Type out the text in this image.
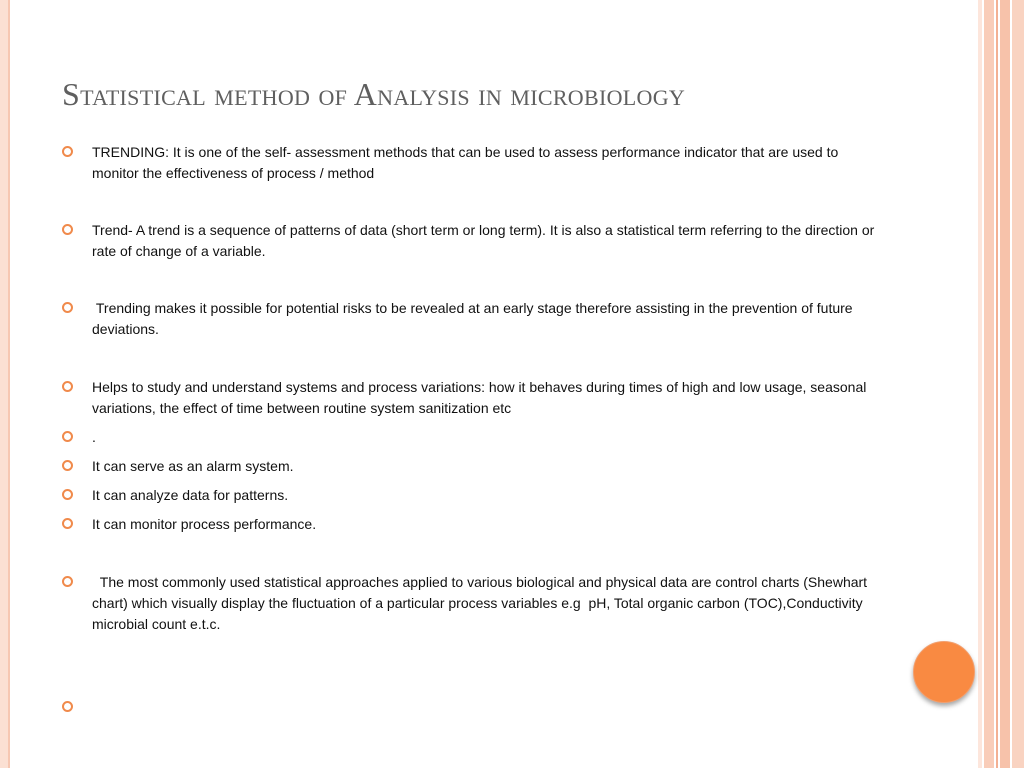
Statistical method of Analysis in microbiology
TRENDING: It is one of the self- assessment methods that can be used to assess performance indicator that are used to monitor the effectiveness of process / method
Trend- A trend is a sequence of patterns of data (short term or long term). It is also a statistical term referring to the direction or rate of change of a variable.
Trending makes it possible for potential risks to be revealed at an early stage therefore assisting in the prevention of future deviations.
Helps to study and understand systems and process variations: how it behaves during times of high and low usage, seasonal variations, the effect of time between routine system sanitization etc
.
It can serve as an alarm system.
It can analyze data for patterns.
It can monitor process performance.
The most commonly used statistical approaches applied to various biological and physical data are control charts (Shewhart chart) which visually display the fluctuation of a particular process variables e.g  pH, Total organic carbon (TOC),Conductivity microbial count e.t.c.
